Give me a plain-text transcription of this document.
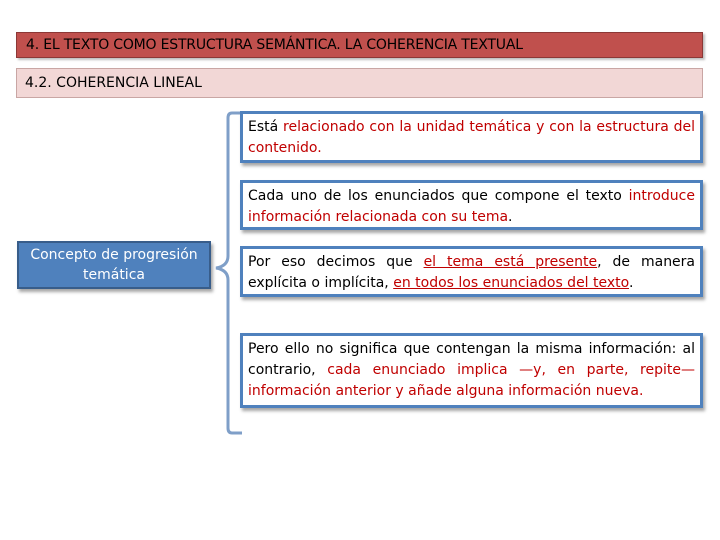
4. EL TEXTO COMO ESTRUCTURA SEMÁNTICA. LA COHERENCIA TEXTUAL
4.2. COHERENCIA LINEAL
Concepto de progresión
temática
Está relacionado con la unidad temática y con la estructura del contenido.
Cada uno de los enunciados que compone el texto introduce información relacionada con su tema.
Por eso decimos que el tema está presente, de manera explícita o implícita, en todos los enunciados del texto.
Pero ello no significa que contengan la misma información: al contrario, cada enunciado implica —y, en parte, repite— información anterior y añade alguna información nueva.
